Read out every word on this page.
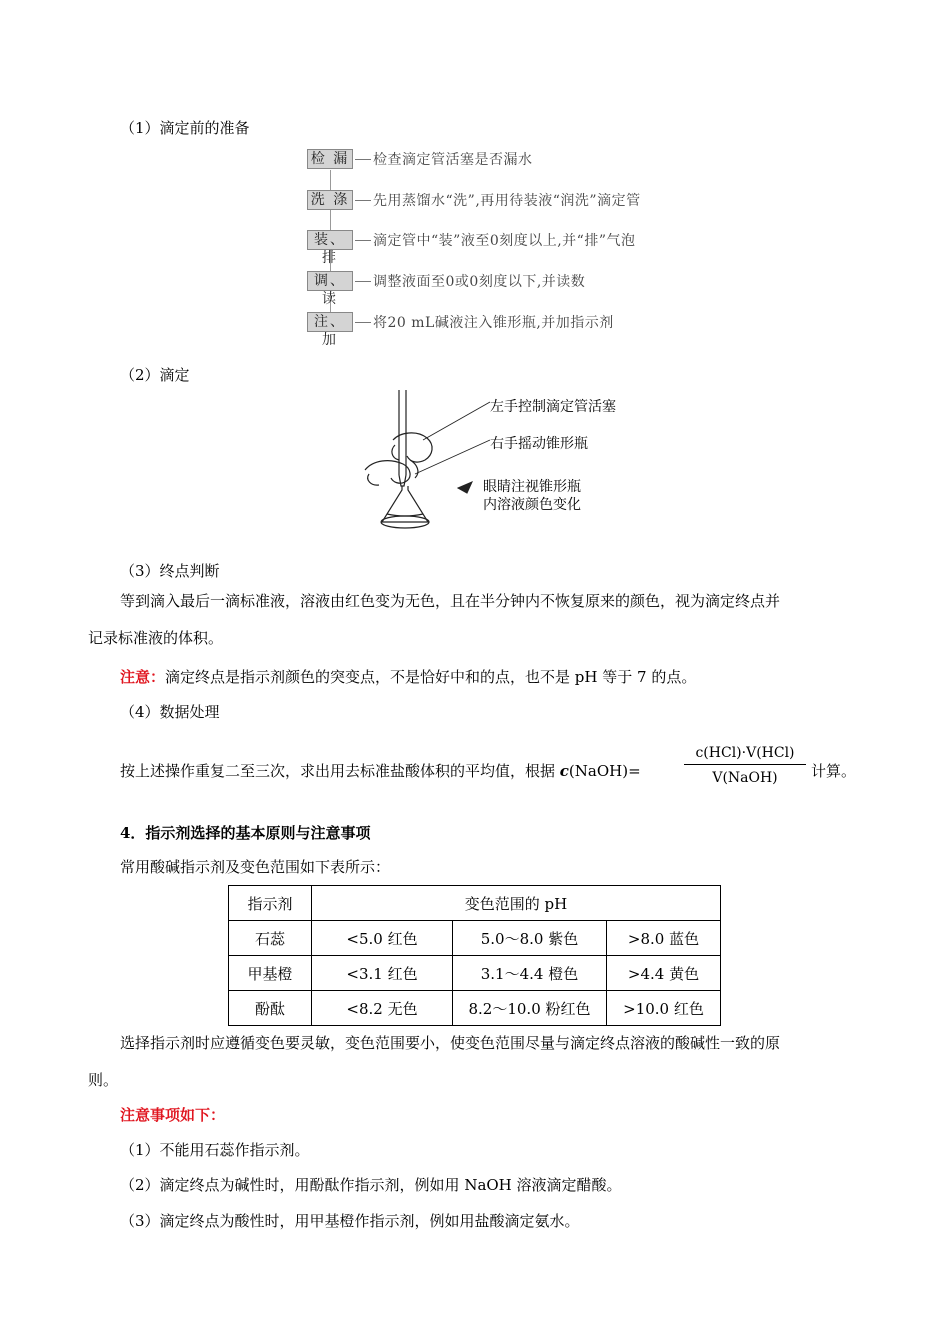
（1）滴定前的准备
检 漏 检查滴定管活塞是否漏水
洗 涤 先用蒸馏水“洗”,再用待装液“润洗”滴定管
装、排
滴定管中“装”液至0刻度以上,并“排”气泡
调、读
调整液面至0或0刻度以下,并读数
注、加
将20 mL碱液注入锥形瓶,并加指示剂
（2）滴定
左手控制滴定管活塞
右手摇动锥形瓶
眼睛注视锥形瓶
内溶液颜色变化
（3）终点判断
等到滴入最后一滴标准液，溶液由红色变为无色，且在半分钟内不恢复原来的颜色，视为滴定终点并
记录标准液的体积。
注意：滴定终点是指示剂颜色的突变点，不是恰好中和的点，也不是 pH 等于 7 的点。
（4）数据处理
按上述操作重复二至三次，求出用去标准盐酸体积的平均值，根据 c(NaOH)=
c(HCl)·V(HCl)
V(NaOH)	计算。
4．指示剂选择的基本原则与注意事项
常用酸碱指示剂及变色范围如下表所示：
指示剂	变色范围的 pH		
石蕊	<5.0 红色	5.0～8.0 紫色	>8.0 蓝色
甲基橙	<3.1 红色	3.1～4.4 橙色	>4.4 黄色
酚酞	<8.2 无色	8.2～10.0 粉红色	>10.0 红色
选择指示剂时应遵循变色要灵敏，变色范围要小，使变色范围尽量与滴定终点溶液的酸碱性一致的原
则。
注意事项如下：
（1）不能用石蕊作指示剂。
（2）滴定终点为碱性时，用酚酞作指示剂，例如用 NaOH 溶液滴定醋酸。
（3）滴定终点为酸性时，用甲基橙作指示剂，例如用盐酸滴定氨水。
